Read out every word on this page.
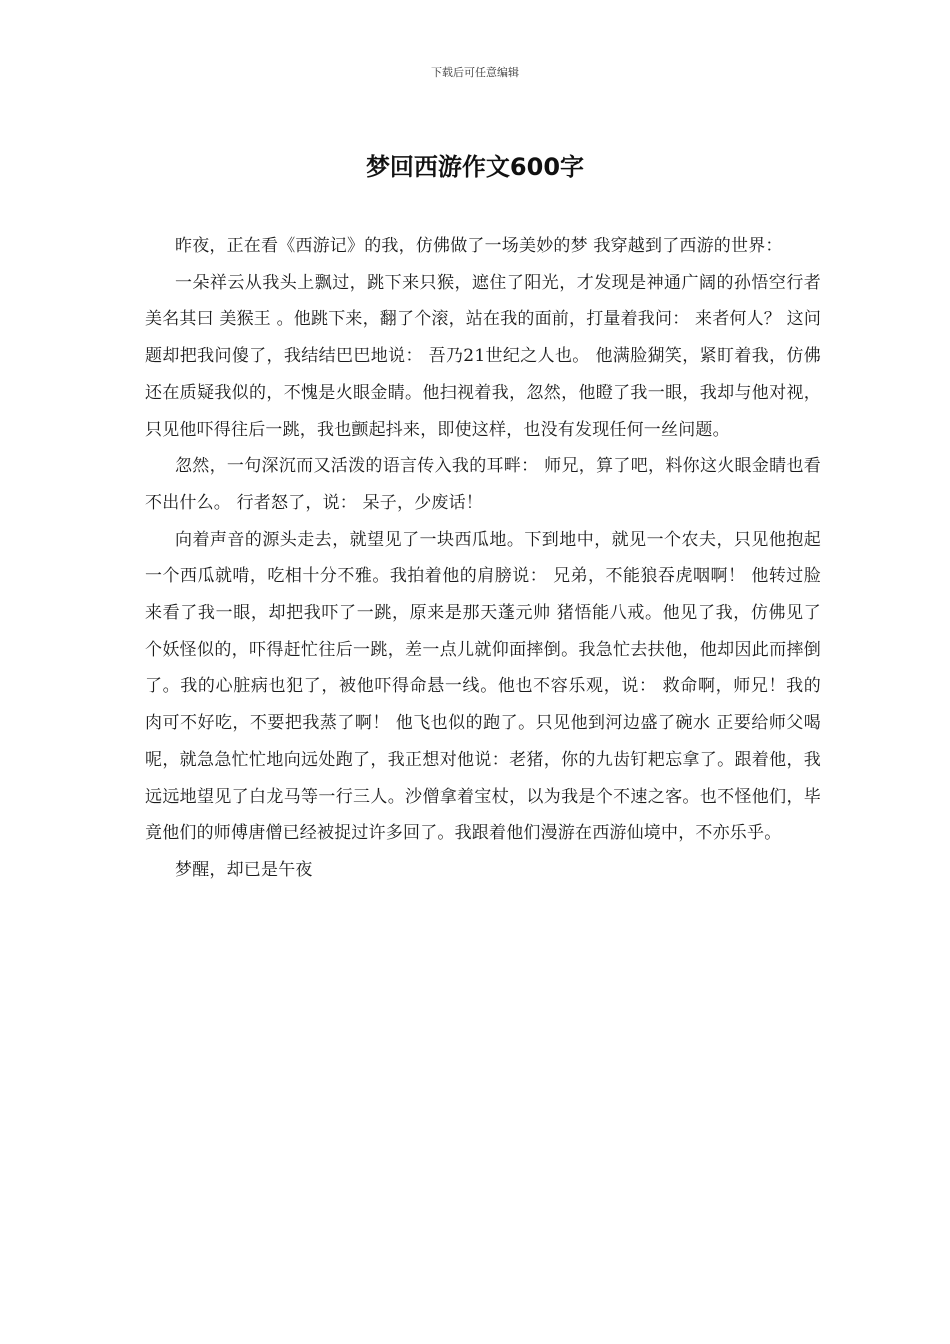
下载后可任意编辑
梦回西游作文600字

昨夜，正在看《西游记》的我，仿佛做了一场美妙的梦 我穿越到了西游的世界：

一朵祥云从我头上飘过，跳下来只猴，遮住了阳光，才发现是神通广阔的孙悟空行者 美名其曰 美猴王 。他跳下来，翻了个滚，站在我的面前，打量着我问： 来者何人？ 这问题却把我问傻了，我结结巴巴地说： 吾乃21世纪之人也。 他满脸猢笑，紧盯着我，仿佛还在质疑我似的，不愧是火眼金睛。他扫视着我，忽然，他瞪了我一眼，我却与他对视，只见他吓得往后一跳，我也颤起抖来，即使这样，也没有发现任何一丝问题。

忽然，一句深沉而又活泼的语言传入我的耳畔： 师兄，算了吧，料你这火眼金睛也看不出什么。 行者怒了，说： 呆子，少废话！

向着声音的源头走去，就望见了一块西瓜地。下到地中，就见一个农夫，只见他抱起一个西瓜就啃，吃相十分不雅。我拍着他的肩膀说： 兄弟，不能狼吞虎咽啊！ 他转过脸来看了我一眼，却把我吓了一跳，原来是那天蓬元帅 猪悟能八戒。他见了我，仿佛见了个妖怪似的，吓得赶忙往后一跳，差一点儿就仰面摔倒。我急忙去扶他，他却因此而摔倒了。我的心脏病也犯了，被他吓得命悬一线。他也不容乐观，说： 救命啊，师兄！我的肉可不好吃，不要把我蒸了啊！ 他飞也似的跑了。只见他到河边盛了碗水 正要给师父喝呢，就急急忙忙地向远处跑了，我正想对他说：老猪，你的九齿钉耙忘拿了。跟着他，我远远地望见了白龙马等一行三人。沙僧拿着宝杖，以为我是个不速之客。也不怪他们，毕竟他们的师傅唐僧已经被捉过许多回了。我跟着他们漫游在西游仙境中，不亦乐乎。

梦醒，却已是午夜
